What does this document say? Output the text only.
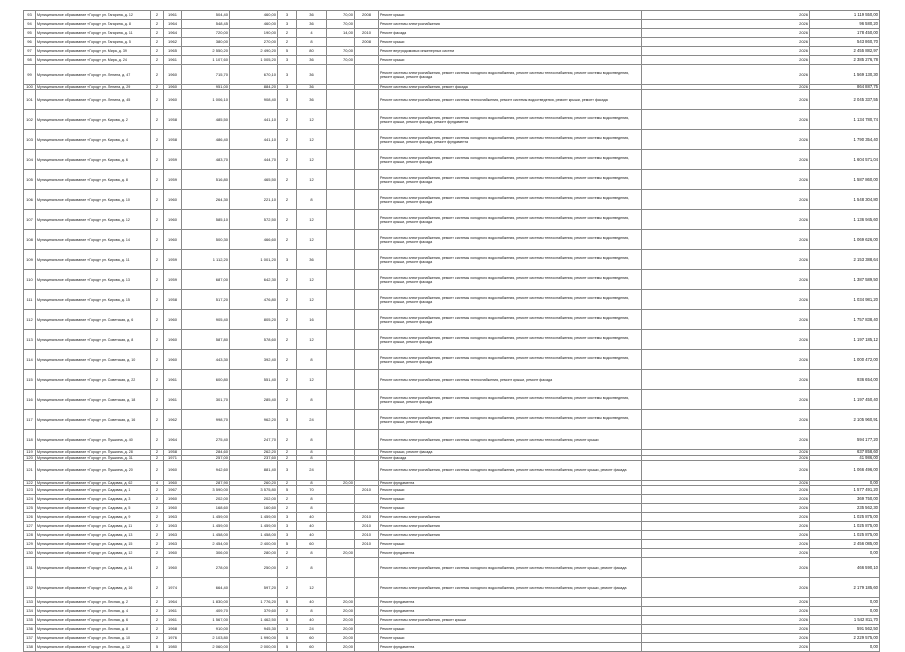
93	Муниципальное образование «Город» ул. Гагарина, д. 12	2	1961	504,40	460,00	3	36	70,00	2008	Ремонт крыши	2026	1 119 550,00
94	Муниципальное образование «Город» ул. Гагарина, д. 8	2	1964	548,45	460,00	3	36	70,00		Ремонт системы электроснабжения	2026	96 580,20
95	Муниципальное образование «Город» ул. Гагарина, д. 11	2	1964	720,00	190,00	2	4	14,00	2010	Ремонт фасада	2026	178 450,00
96	Муниципальное образование «Город» ул. Гагарина, д. 5	2	1962	380,00	270,00	2	8		2008	Ремонт крыши	2026	543 860,70
97	Муниципальное образование «Город» ул. Мира, д. 39	2	1965	2 550,20	2 490,20	5	80	70,00		Ремонт внутридомовых инженерных систем	2026	2 455 882,97
98	Муниципальное образование «Город» ул. Мира, д. 24	2	1961	1 107,60	1 005,20	3	36	70,00		Ремонт крыши	2026	2 385 276,78
99	Муниципальное образование «Город» ул. Ленина, д. 47	2	1960	715,70	670,10	3	36			Ремонт системы электроснабжения, ремонт системы холодного водоснабжения, ремонт системы теплоснабжения, ремонт системы водоотведения, ремонт крыши, ремонт фасада	2026	1 569 130,30
100	Муниципальное образование «Город» ул. Ленина, д. 29	2	1960	951,00	884,20	3	36			Ремонт системы электроснабжения, ремонт фасада	2026	864 887,75
101	Муниципальное образование «Город» ул. Ленина, д. 45	2	1960	1 006,10	908,40	3	36			Ремонт системы электроснабжения, ремонт системы теплоснабжения, ремонт системы водоотведения, ремонт крыши, ремонт фасада	2026	2 045 337,55
102	Муниципальное образование «Город» ул. Кирова, д. 2	2	1958	485,50	441,10	2	12			Ремонт системы электроснабжения, ремонт системы холодного водоснабжения, ремонт системы теплоснабжения, ремонт системы водоотведения, ремонт крыши, ремонт фасада, ремонт фундамента	2026	1 134 780,74
103	Муниципальное образование «Город» ул. Кирова, д. 4	2	1958	486,40	441,10	2	12			Ремонт системы электроснабжения, ремонт системы холодного водоснабжения, ремонт системы теплоснабжения, ремонт системы водоотведения, ремонт крыши, ремонт фасада, ремонт фундамента	2026	1 790 354,40
104	Муниципальное образование «Город» ул. Кирова, д. 6	2	1959	483,70	444,70	2	12			Ремонт системы электроснабжения, ремонт системы холодного водоснабжения, ремонт системы теплоснабжения, ремонт системы водоотведения, ремонт крыши, ремонт фасада	2026	1 604 571,04
105	Муниципальное образование «Город» ул. Кирова, д. 8	2	1959	516,80	465,50	2	12			Ремонт системы электроснабжения, ремонт системы холодного водоснабжения, ремонт системы теплоснабжения, ремонт системы водоотведения, ремонт крыши, ремонт фасада	2026	1 587 860,00
106	Муниципальное образование «Город» ул. Кирова, д. 10	2	1960	264,30	221,10	2	8			Ремонт системы электроснабжения, ремонт системы холодного водоснабжения, ремонт системы теплоснабжения, ремонт системы водоотведения, ремонт крыши, ремонт фасада	2026	1 548 304,80
107	Муниципальное образование «Город» ул. Кирова, д. 12	2	1960	585,10	572,50	2	12			Ремонт системы электроснабжения, ремонт системы холодного водоснабжения, ремонт системы теплоснабжения, ремонт системы водоотведения, ремонт крыши, ремонт фасада	2026	1 136 945,60
108	Муниципальное образование «Город» ул. Кирова, д. 14	2	1960	500,30	466,60	2	12			Ремонт системы электроснабжения, ремонт системы холодного водоснабжения, ремонт системы теплоснабжения, ремонт системы водоотведения, ремонт крыши, ремонт фасада	2026	1 069 626,00
109	Муниципальное образование «Город» ул. Кирова, д. 11	2	1959	1 112,20	1 001,20	3	36			Ремонт системы электроснабжения, ремонт системы холодного водоснабжения, ремонт системы теплоснабжения, ремонт системы водоотведения, ремонт крыши, ремонт фасада	2026	2 153 388,64
110	Муниципальное образование «Город» ул. Кирова, д. 13	2	1959	687,00	642,30	2	12			Ремонт системы электроснабжения, ремонт системы холодного водоснабжения, ремонт системы теплоснабжения, ремонт системы водоотведения, ремонт крыши, ремонт фасада	2026	1 387 589,50
111	Муниципальное образование «Город» ул. Кирова, д. 15	2	1958	517,20	476,80	2	12			Ремонт системы электроснабжения, ремонт системы холодного водоснабжения, ремонт системы теплоснабжения, ремонт системы водоотведения, ремонт крыши, ремонт фасада	2026	1 034 981,20
112	Муниципальное образование «Город» ул. Советская, д. 6	2	1960	905,40	805,20	2	16			Ремонт системы электроснабжения, ремонт системы холодного водоснабжения, ремонт системы теплоснабжения, ремонт системы водоотведения, ремонт крыши, ремонт фасада	2026	1 757 838,40
113	Муниципальное образование «Город» ул. Советская, д. 8	2	1960	587,80	578,60	2	12			Ремонт системы электроснабжения, ремонт системы холодного водоснабжения, ремонт системы теплоснабжения, ремонт системы водоотведения, ремонт крыши, ремонт фасада	2026	1 197 185,12
114	Муниципальное образование «Город» ул. Советская, д. 10	2	1960	443,30	392,40	2	8			Ремонт системы электроснабжения, ремонт системы холодного водоснабжения, ремонт системы теплоснабжения, ремонт системы водоотведения, ремонт крыши, ремонт фасада	2026	1 000 472,00
115	Муниципальное образование «Город» ул. Советская, д. 22	2	1961	600,80	551,40	2	12			Ремонт системы электроснабжения, ремонт системы теплоснабжения, ремонт крыши, ремонт фасада	2026	936 654,00
116	Муниципальное образование «Город» ул. Советская, д. 18	2	1961	301,70	285,40	2	8			Ремонт системы электроснабжения, ремонт системы холодного водоснабжения, ремонт системы теплоснабжения, ремонт системы водоотведения, ремонт крыши, ремонт фасада	2026	1 197 450,40
117	Муниципальное образование «Город» ул. Советская, д. 16	2	1962	998,70	962,20	3	24			Ремонт системы электроснабжения, ремонт системы холодного водоснабжения, ремонт системы теплоснабжения, ремонт системы водоотведения, ремонт крыши, ремонт фасада	2026	2 105 960,91
118	Муниципальное образование «Город» ул. Пушкина, д. 40	2	1964	275,40	247,70	2	8			Ремонт системы электроснабжения, ремонт системы холодного водоснабжения, ремонт системы теплоснабжения, ремонт крыши	2026	594 177,20
119	Муниципальное образование «Город» ул. Пушкина, д. 28	2	1958	284,60	262,20	2	8			Ремонт крыши, ремонт фасада	2026	637 858,60
120	Муниципальное образование «Город» ул. Пушкина, д. 31	2	1971	257,00	237,60	2	8			Ремонт фасада	2026	41 986,00
121	Муниципальное образование «Город» ул. Пушкина, д. 20	2	1960	942,60	881,40	3	24			Ремонт системы электроснабжения, ремонт системы холодного водоснабжения, ремонт системы теплоснабжения, ремонт крыши, ремонт фасада	2026	1 066 496,00
122	Муниципальное образование «Город» ул. Садовая, д. 62	4	1960	287,90	260,20	2	8	20,00		Ремонт фундамента	2026	0,00
123	Муниципальное образование «Город» ул. Садовая, д. 1	2	1967	3 590,00	3 575,80	5	70		2010	Ремонт крыши	2026	1 577 491,20
124	Муниципальное образование «Город» ул. Садовая, д. 3	2	1960	202,00	202,00	2	8			Ремонт крыши	2026	369 750,00
125	Муниципальное образование «Город» ул. Садовая, д. 5	2	1960	168,60	160,60	2	8			Ремонт крыши	2026	235 562,30
126	Муниципальное образование «Город» ул. Садовая, д. 9	2	1963	1 459,00	1 459,00	3	40		2010	Ремонт системы электроснабжения	2026	1 025 875,00
127	Муниципальное образование «Город» ул. Садовая, д. 11	2	1963	1 459,00	1 459,00	3	40		2010	Ремонт системы электроснабжения	2026	1 025 875,00
128	Муниципальное образование «Город» ул. Садовая, д. 13	2	1963	1 458,00	1 458,00	3	40		2010	Ремонт системы электроснабжения	2026	1 025 875,00
129	Муниципальное образование «Город» ул. Садовая, д. 15	2	1963	2 454,00	2 400,00	5	60		2010	Ремонт крыши	2026	2 456 085,00
130	Муниципальное образование «Город» ул. Садовая, д. 12	2	1960	306,00	280,00	2	8	20,00		Ремонт фундамента	2026	0,00
131	Муниципальное образование «Город» ул. Садовая, д. 14	2	1960	278,00	250,00	2	8			Ремонт системы электроснабжения, ремонт системы холодного водоснабжения, ремонт системы теплоснабжения, ремонт крыши, ремонт фасада	2026	466 590,10
132	Муниципальное образование «Город» ул. Садовая, д. 16	2	1974	664,40	597,20	2	12			Ремонт системы электроснабжения, ремонт системы холодного водоснабжения, ремонт системы теплоснабжения, ремонт крыши, ремонт фасада	2026	2 179 185,60
133	Муниципальное образование «Город» ул. Лесная, д. 2	2	1964	1 830,00	1 776,20	5	40	20,00		Ремонт фундамента	2026	0,00
134	Муниципальное образование «Город» ул. Лесная, д. 4	2	1961	409,70	379,60	2	8	20,00		Ремонт фундамента	2026	0,00
135	Муниципальное образование «Город» ул. Лесная, д. 6	2	1961	1 567,00	1 462,50	5	40	20,00		Ремонт системы электроснабжения, ремонт крыши	2026	1 542 811,70
136	Муниципальное образование «Город» ул. Лесная, д. 8	2	1968	910,00	945,30	3	24	20,00		Ремонт крыши	2026	591 562,50
137	Муниципальное образование «Город» ул. Лесная, д. 10	2	1976	2 103,80	1 990,00	5	60	20,00		Ремонт крыши	2026	2 229 575,00
138	Муниципальное образование «Город» ул. Лесная, д. 12	5	1980	2 060,00	2 000,00	5	60	20,00		Ремонт фундамента	2026	0,00
